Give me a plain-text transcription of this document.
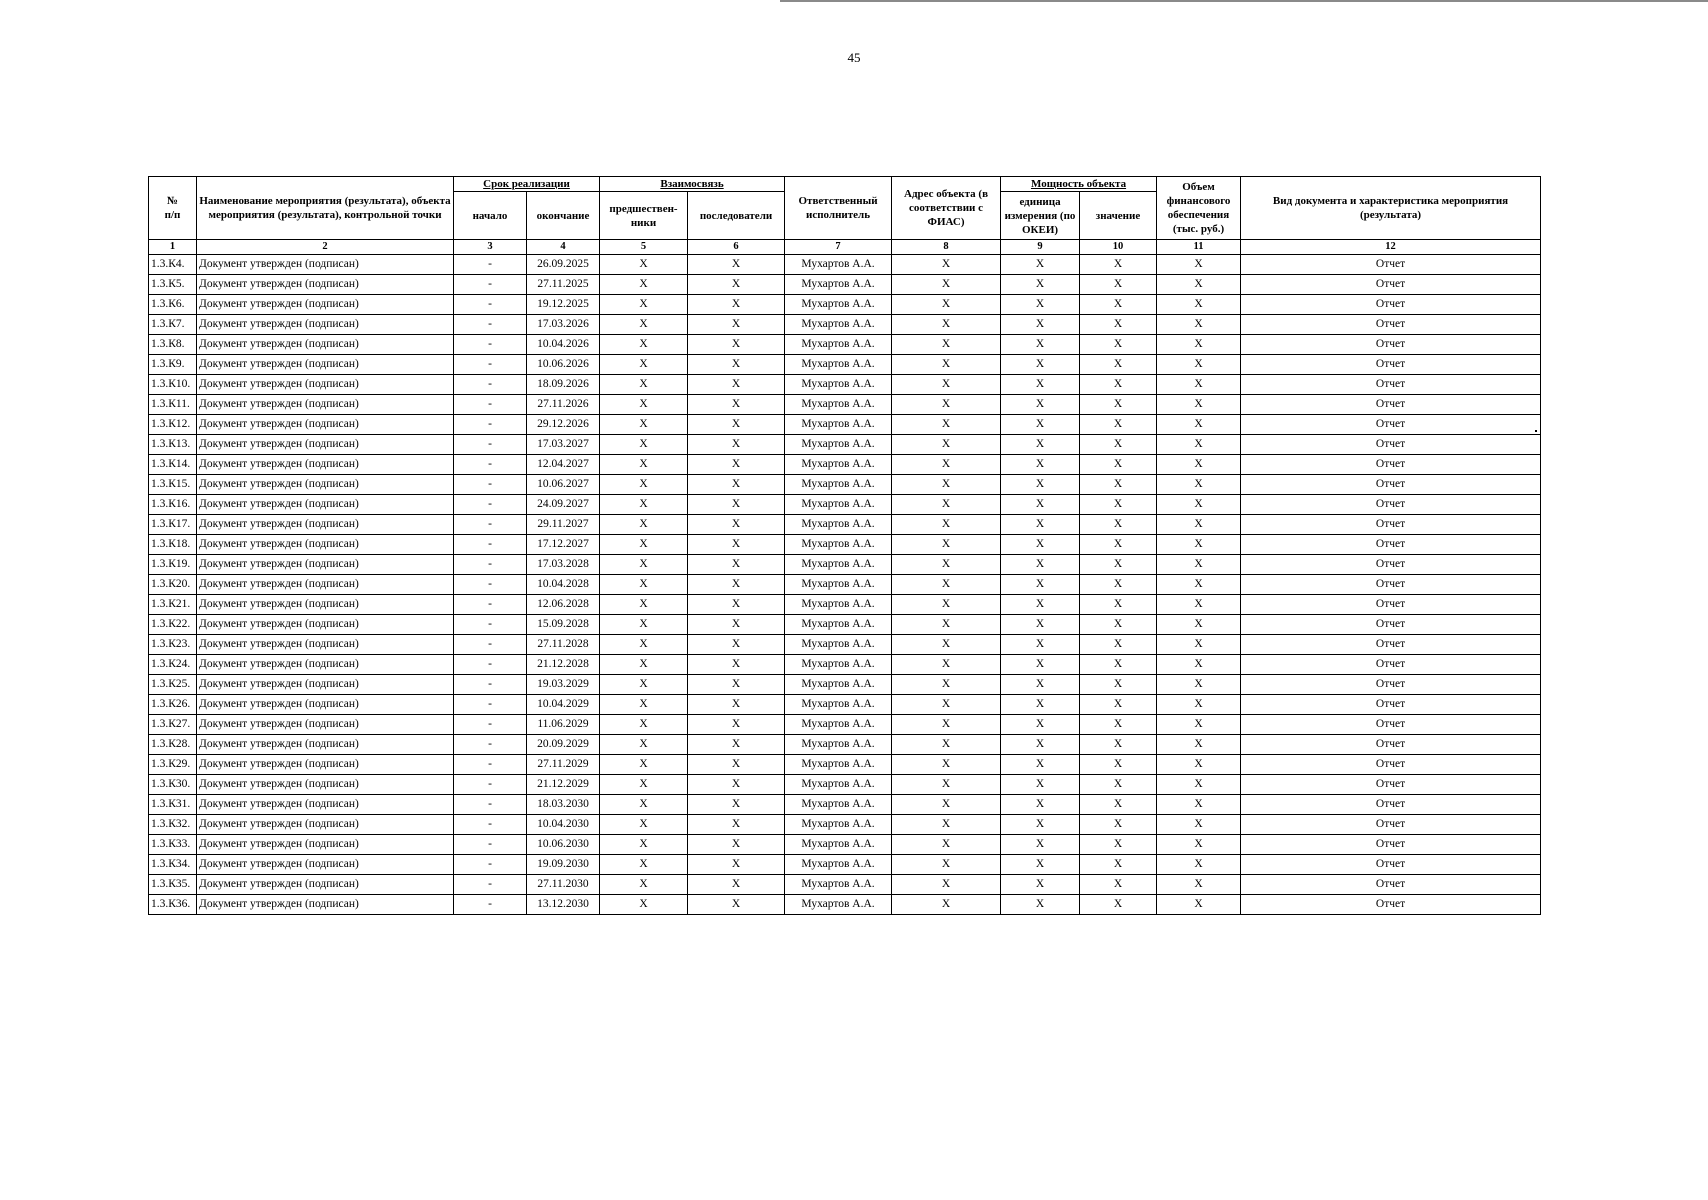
45
№
п/п	Наименование мероприятия (результата), объекта мероприятия (результата), контрольной точки	Срок реализации		Взаимосвязь		Ответственный исполнитель	Адрес объекта (в соответствии с ФИАС)	Мощность объекта		Объем финансового обеспечения (тыс. руб.)	Вид документа и характеристика мероприятия (результата)
		начало	окончание	предшествен-ники	последователи			единица измерения (по ОКЕИ)	значение		
1	2	3	4	5	6	7	8	9	10	11	12
1.3.К4.	Документ утвержден (подписан)	-	26.09.2025	X	X	Мухартов А.А.	X	X	X	X	Отчет
1.3.К5.	Документ утвержден (подписан)	-	27.11.2025	X	X	Мухартов А.А.	X	X	X	X	Отчет
1.3.К6.	Документ утвержден (подписан)	-	19.12.2025	X	X	Мухартов А.А.	X	X	X	X	Отчет
1.3.К7.	Документ утвержден (подписан)	-	17.03.2026	X	X	Мухартов А.А.	X	X	X	X	Отчет
1.3.К8.	Документ утвержден (подписан)	-	10.04.2026	X	X	Мухартов А.А.	X	X	X	X	Отчет
1.3.К9.	Документ утвержден (подписан)	-	10.06.2026	X	X	Мухартов А.А.	X	X	X	X	Отчет
1.3.К10.	Документ утвержден (подписан)	-	18.09.2026	X	X	Мухартов А.А.	X	X	X	X	Отчет
1.3.К11.	Документ утвержден (подписан)	-	27.11.2026	X	X	Мухартов А.А.	X	X	X	X	Отчет
1.3.К12.	Документ утвержден (подписан)	-	29.12.2026	X	X	Мухартов А.А.	X	X	X	X	Отчет
1.3.К13.	Документ утвержден (подписан)	-	17.03.2027	X	X	Мухартов А.А.	X	X	X	X	Отчет
1.3.К14.	Документ утвержден (подписан)	-	12.04.2027	X	X	Мухартов А.А.	X	X	X	X	Отчет
1.3.К15.	Документ утвержден (подписан)	-	10.06.2027	X	X	Мухартов А.А.	X	X	X	X	Отчет
1.3.К16.	Документ утвержден (подписан)	-	24.09.2027	X	X	Мухартов А.А.	X	X	X	X	Отчет
1.3.К17.	Документ утвержден (подписан)	-	29.11.2027	X	X	Мухартов А.А.	X	X	X	X	Отчет
1.3.К18.	Документ утвержден (подписан)	-	17.12.2027	X	X	Мухартов А.А.	X	X	X	X	Отчет
1.3.К19.	Документ утвержден (подписан)	-	17.03.2028	X	X	Мухартов А.А.	X	X	X	X	Отчет
1.3.К20.	Документ утвержден (подписан)	-	10.04.2028	X	X	Мухартов А.А.	X	X	X	X	Отчет
1.3.К21.	Документ утвержден (подписан)	-	12.06.2028	X	X	Мухартов А.А.	X	X	X	X	Отчет
1.3.К22.	Документ утвержден (подписан)	-	15.09.2028	X	X	Мухартов А.А.	X	X	X	X	Отчет
1.3.К23.	Документ утвержден (подписан)	-	27.11.2028	X	X	Мухартов А.А.	X	X	X	X	Отчет
1.3.К24.	Документ утвержден (подписан)	-	21.12.2028	X	X	Мухартов А.А.	X	X	X	X	Отчет
1.3.К25.	Документ утвержден (подписан)	-	19.03.2029	X	X	Мухартов А.А.	X	X	X	X	Отчет
1.3.К26.	Документ утвержден (подписан)	-	10.04.2029	X	X	Мухартов А.А.	X	X	X	X	Отчет
1.3.К27.	Документ утвержден (подписан)	-	11.06.2029	X	X	Мухартов А.А.	X	X	X	X	Отчет
1.3.К28.	Документ утвержден (подписан)	-	20.09.2029	X	X	Мухартов А.А.	X	X	X	X	Отчет
1.3.К29.	Документ утвержден (подписан)	-	27.11.2029	X	X	Мухартов А.А.	X	X	X	X	Отчет
1.3.К30.	Документ утвержден (подписан)	-	21.12.2029	X	X	Мухартов А.А.	X	X	X	X	Отчет
1.3.К31.	Документ утвержден (подписан)	-	18.03.2030	X	X	Мухартов А.А.	X	X	X	X	Отчет
1.3.К32.	Документ утвержден (подписан)	-	10.04.2030	X	X	Мухартов А.А.	X	X	X	X	Отчет
1.3.К33.	Документ утвержден (подписан)	-	10.06.2030	X	X	Мухартов А.А.	X	X	X	X	Отчет
1.3.К34.	Документ утвержден (подписан)	-	19.09.2030	X	X	Мухартов А.А.	X	X	X	X	Отчет
1.3.К35.	Документ утвержден (подписан)	-	27.11.2030	X	X	Мухартов А.А.	X	X	X	X	Отчет
1.3.К36.	Документ утвержден (подписан)	-	13.12.2030	X	X	Мухартов А.А.	X	X	X	X	Отчет
